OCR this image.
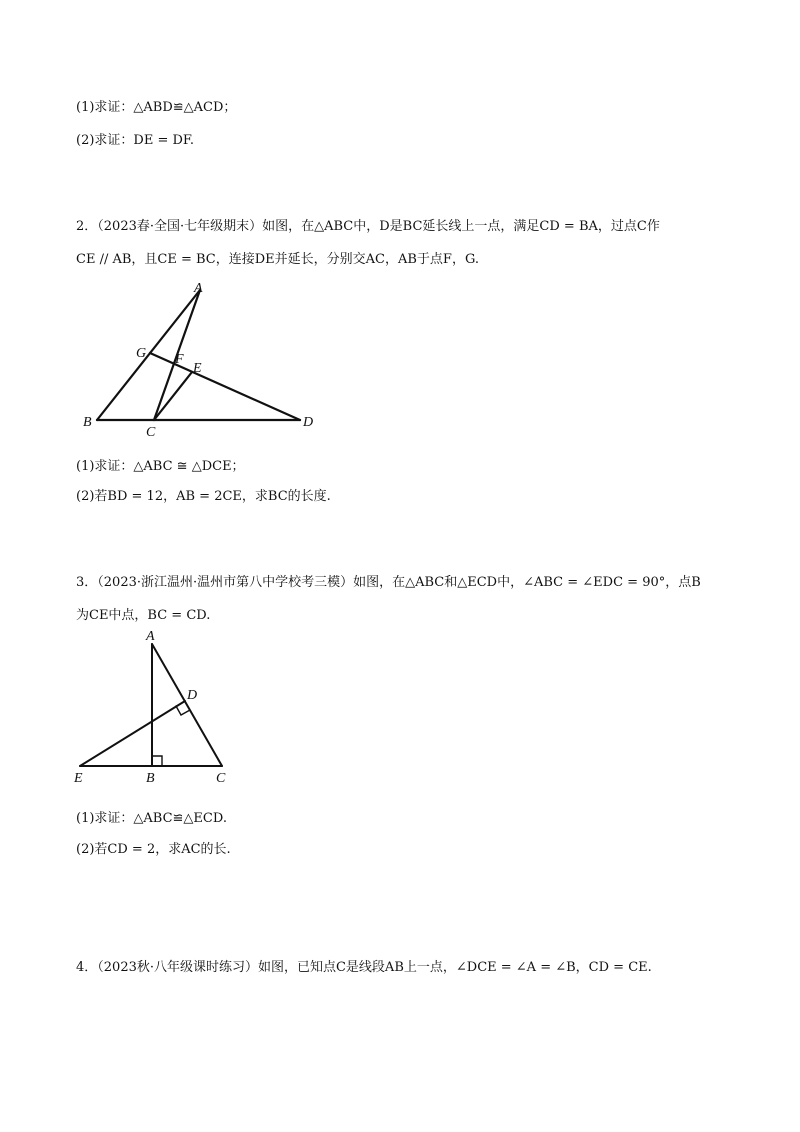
(1)求证：△ABD≌△ACD；
(2)求证：DE = DF.
2．（2023春·全国·七年级期末）如图，在△ABC中，D是BC延长线上一点，满足CD = BA，过点C作
CE // AB，且CE = BC，连接DE并延长，分别交AC，AB于点F，G.
A
G F
E
B
C
D
(1)求证：△ABC ≅ △DCE；
(2)若BD = 12，AB = 2CE，求BC的长度.
3．（2023·浙江温州·温州市第八中学校考三模）如图，在△ABC和△ECD中，∠ABC = ∠EDC = 90°，点B
为CE中点，BC = CD.
A
D
E	B	C
(1)求证：△ABC≌△ECD.
(2)若CD = 2，求AC的长.
4．（2023秋·八年级课时练习）如图，已知点C是线段AB上一点，∠DCE = ∠A = ∠B，CD = CE.
